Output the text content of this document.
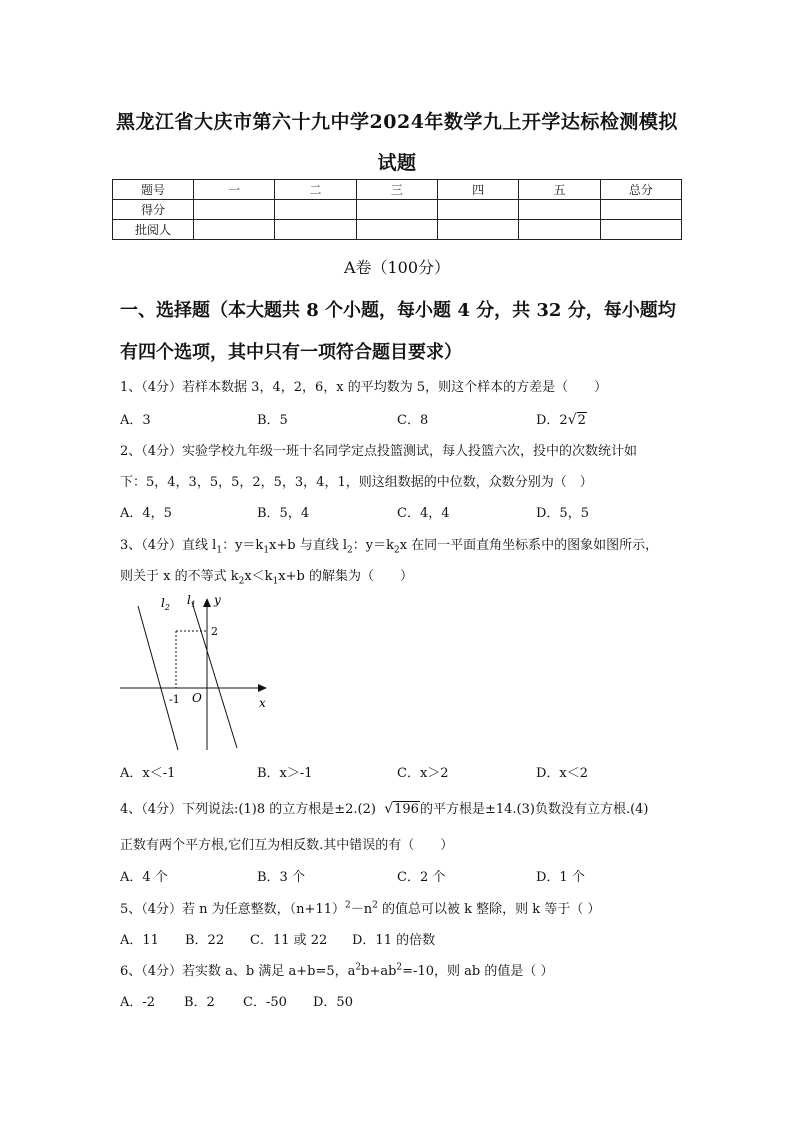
黑龙江省大庆市第六十九中学2024年数学九上开学达标检测模拟
试题
题号	一	二	三	四	五	总分
得分						
批阅人						
A卷（100分）
一、选择题（本大题共 8 个小题，每小题 4 分，共 32 分，每小题均
有四个选项，其中只有一项符合题目要求）
1、（4分）若样本数据 3，4，2，6，x 的平均数为 5，则这个样本的方差是（　　）
A．3	B．5	C．8	D．2√2
2、（4分）实验学校九年级一班十名同学定点投篮测试，每人投篮六次，投中的次数统计如
下：5，4，3，5，5，2，5，3，4，1，则这组数据的中位数，众数分别为（　）
A．4，5	B．5，4	C．4，4	D．5，5
3、（4分）直线 $l_1$：$y=k_1x+b$ 与直线 $l_2$：$y=k_2x$ 在同一平面直角坐标系中的图象如图所示，
则关于 x 的不等式 $k_2x<k_1x+b$ 的解集为（　　）
$l_2$
$l_1$ y
x
2
-1 O
A．x＜-1	B．x＞-1	C．x＞2	D．x＜2
4、（4分）下列说法:(1)8 的立方根是±2.(2) √196的平方根是±14.(3)负数没有立方根.(4)
正数有两个平方根,它们互为相反数.其中错误的有（　　）
A．4 个	B．3 个	C．2 个	D．1 个
5、（4分）若 n 为任意整数，$(n+11)^2-n^2$ 的值总可以被 k 整除，则 k 等于（ ）
A．11 B．22 C．11 或 22 D．11 的倍数
6、（4分）若实数 a、b 满足 a+b=5，$a^2b+ab^2=-10$，则 ab 的值是（ ）
A．-2 B．2 C．-50 D．50
